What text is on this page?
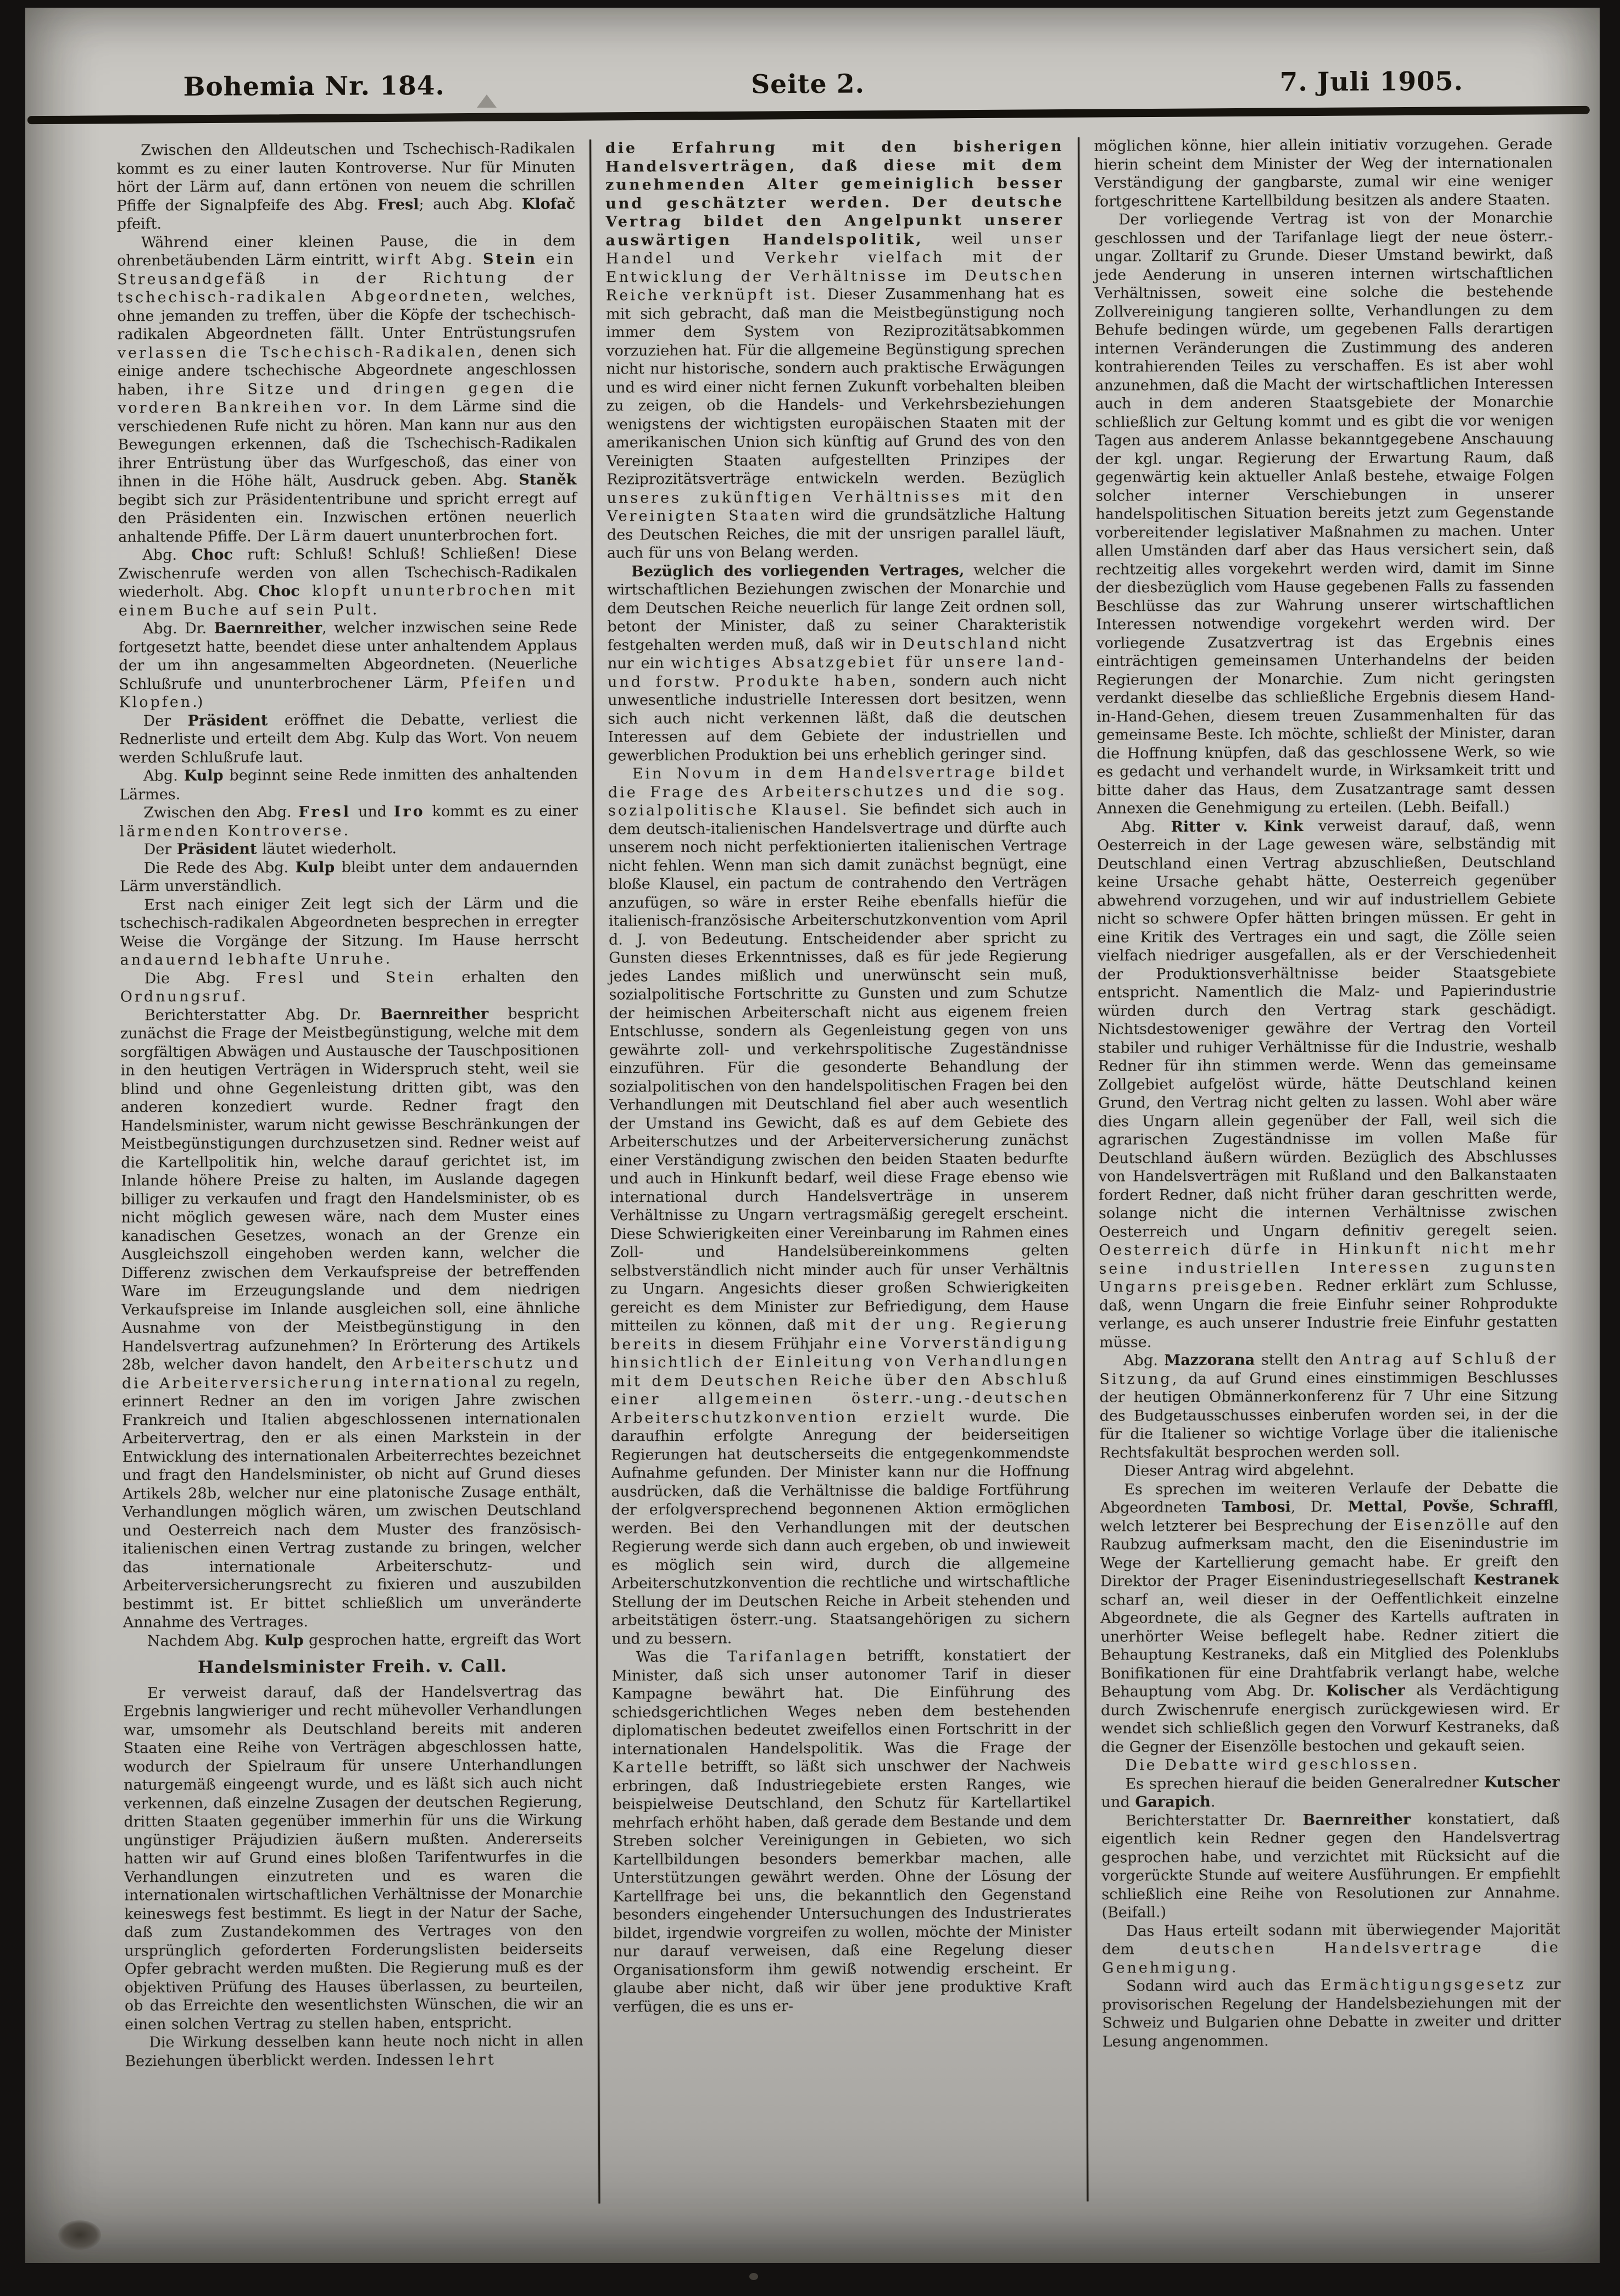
Bohemia Nr. 184.	Seite 2.	7. Juli 1905.

Zwischen den Alldeutschen und Tschechisch-Radikalen kommt es zu einer lauten Kontroverse. Nur für Minuten hört der Lärm auf, dann ertönen von neuem die schrillen Pfiffe der Signalpfeife des Abg. Fresl; auch Abg. Klofač pfeift.

Während einer kleinen Pause, die in dem ohrenbetäubenden Lärm eintritt, wirft Abg. Stein ein Streusandgefäß in der Richtung der tschechisch-radikalen Abgeordneten, welches, ohne jemanden zu treffen, über die Köpfe der tschechisch-radikalen Abgeordneten fällt. Unter Entrüstungsrufen verlassen die Tschechisch-Radikalen, denen sich einige andere tschechische Abgeordnete angeschlossen haben, ihre Sitze und dringen gegen die vorderen Bankreihen vor. In dem Lärme sind die verschiedenen Rufe nicht zu hören. Man kann nur aus den Bewegungen erkennen, daß die Tschechisch-Radikalen ihrer Entrüstung über das Wurfgeschoß, das einer von ihnen in die Höhe hält, Ausdruck geben. Abg. Staněk begibt sich zur Präsidententribune und spricht erregt auf den Präsidenten ein. Inzwischen ertönen neuerlich anhaltende Pfiffe. Der Lärm dauert ununterbrochen fort.

Abg. Choc ruft: Schluß! Schluß! Schließen! Diese Zwischenrufe werden von allen Tschechisch-Radikalen wiederholt. Abg. Choc klopft ununterbrochen mit einem Buche auf sein Pult.

Abg. Dr. Baernreither, welcher inzwischen seine Rede fortgesetzt hatte, beendet diese unter anhaltendem Applaus der um ihn angesammelten Abgeordneten. (Neuerliche Schlußrufe und ununterbrochener Lärm, Pfeifen und Klopfen.)

Der Präsident eröffnet die Debatte, verliest die Rednerliste und erteilt dem Abg. Kulp das Wort. Von neuem werden Schlußrufe laut.

Abg. Kulp beginnt seine Rede inmitten des anhaltenden Lärmes.

Zwischen den Abg. Fresl und Iro kommt es zu einer lärmenden Kontroverse.

Der Präsident läutet wiederholt.

Die Rede des Abg. Kulp bleibt unter dem andauernden Lärm unverständlich.

Erst nach einiger Zeit legt sich der Lärm und die tschechisch-radikalen Abgeordneten besprechen in erregter Weise die Vorgänge der Sitzung. Im Hause herrscht andauernd lebhafte Unruhe.

Die Abg. Fresl und Stein erhalten den Ordnungsruf.

Berichterstatter Abg. Dr. Baernreither bespricht zunächst die Frage der Meistbegünstigung, welche mit dem sorgfältigen Abwägen und Austausche der Tauschpositionen in den heutigen Verträgen in Widerspruch steht, weil sie blind und ohne Gegenleistung dritten gibt, was den anderen konzediert wurde. Redner fragt den Handelsminister, warum nicht gewisse Beschränkungen der Meistbegünstigungen durchzusetzen sind. Redner weist auf die Kartellpolitik hin, welche darauf gerichtet ist, im Inlande höhere Preise zu halten, im Auslande dagegen billiger zu verkaufen und fragt den Handelsminister, ob es nicht möglich gewesen wäre, nach dem Muster eines kanadischen Gesetzes, wonach an der Grenze ein Ausgleichszoll eingehoben werden kann, welcher die Differenz zwischen dem Verkaufspreise der betreffenden Ware im Erzeugungslande und dem niedrigen Verkaufspreise im Inlande ausgleichen soll, eine ähnliche Ausnahme von der Meistbegünstigung in den Handelsvertrag aufzunehmen? In Erörterung des Artikels 28b, welcher davon handelt, den Arbeiterschutz und die Arbeiterversicherung international zu regeln, erinnert Redner an den im vorigen Jahre zwischen Frankreich und Italien abgeschlossenen internationalen Arbeitervertrag, den er als einen Markstein in der Entwicklung des internationalen Arbeiterrechtes bezeichnet und fragt den Handelsminister, ob nicht auf Grund dieses Artikels 28b, welcher nur eine platonische Zusage enthält, Verhandlungen möglich wären, um zwischen Deutschland und Oesterreich nach dem Muster des französisch-italienischen einen Vertrag zustande zu bringen, welcher das internationale Arbeiterschutz- und Arbeiterversicherungsrecht zu fixieren und auszubilden bestimmt ist. Er bittet schließlich um unveränderte Annahme des Vertrages.

Nachdem Abg. Kulp gesprochen hatte, ergreift das Wort

Handelsminister Freih. v. Call.

Er verweist darauf, daß der Handelsvertrag das Ergebnis langwieriger und recht mühevoller Verhandlungen war, umsomehr als Deutschland bereits mit anderen Staaten eine Reihe von Verträgen abgeschlossen hatte, wodurch der Spielraum für unsere Unterhandlungen naturgemäß eingeengt wurde, und es läßt sich auch nicht verkennen, daß einzelne Zusagen der deutschen Regierung, dritten Staaten gegenüber immerhin für uns die Wirkung ungünstiger Präjudizien äußern mußten. Andererseits hatten wir auf Grund eines bloßen Tarifentwurfes in die Verhandlungen einzutreten und es waren die internationalen wirtschaftlichen Verhältnisse der Monarchie keineswegs fest bestimmt. Es liegt in der Natur der Sache, daß zum Zustandekommen des Vertrages von den ursprünglich geforderten Forderungslisten beiderseits Opfer gebracht werden mußten. Die Regierung muß es der objektiven Prüfung des Hauses überlassen, zu beurteilen, ob das Erreichte den wesentlichsten Wünschen, die wir an einen solchen Vertrag zu stellen haben, entspricht.

Die Wirkung desselben kann heute noch nicht in allen Beziehungen überblickt werden. Indessen lehrt

die Erfahrung mit den bisherigen Handelsverträgen, daß diese mit dem zunehmenden Alter gemeiniglich besser und geschätzter werden. Der deutsche Vertrag bildet den Angelpunkt unserer auswärtigen Handelspolitik, weil unser Handel und Verkehr vielfach mit der Entwicklung der Verhältnisse im Deutschen Reiche verknüpft ist. Dieser Zusammenhang hat es mit sich gebracht, daß man die Meistbegünstigung noch immer dem System von Reziprozitätsabkommen vorzuziehen hat. Für die allgemeine Begünstigung sprechen nicht nur historische, sondern auch praktische Erwägungen und es wird einer nicht fernen Zukunft vorbehalten bleiben zu zeigen, ob die Handels- und Verkehrsbeziehungen wenigstens der wichtigsten europäischen Staaten mit der amerikanischen Union sich künftig auf Grund des von den Vereinigten Staaten aufgestellten Prinzipes der Reziprozitätsverträge entwickeln werden. Bezüglich unseres zukünftigen Verhältnisses mit den Vereinigten Staaten wird die grundsätzliche Haltung des Deutschen Reiches, die mit der unsrigen parallel läuft, auch für uns von Belang werden.

Bezüglich des vorliegenden Vertrages, welcher die wirtschaftlichen Beziehungen zwischen der Monarchie und dem Deutschen Reiche neuerlich für lange Zeit ordnen soll, betont der Minister, daß zu seiner Charakteristik festgehalten werden muß, daß wir in Deutschland nicht nur ein wichtiges Absatzgebiet für unsere land- und forstw. Produkte haben, sondern auch nicht unwesentliche industrielle Interessen dort besitzen, wenn sich auch nicht verkennen läßt, daß die deutschen Interessen auf dem Gebiete der industriellen und gewerblichen Produktion bei uns erheblich geringer sind.

Ein Novum in dem Handelsvertrage bildet die Frage des Arbeiterschutzes und die sog. sozialpolitische Klausel. Sie befindet sich auch in dem deutsch-italienischen Handelsvertrage und dürfte auch unserem noch nicht perfektionierten italienischen Vertrage nicht fehlen. Wenn man sich damit zunächst begnügt, eine bloße Klausel, ein pactum de contrahendo den Verträgen anzufügen, so wäre in erster Reihe ebenfalls hiefür die italienisch-französische Arbeiterschutzkonvention vom April d. J. von Bedeutung. Entscheidender aber spricht zu Gunsten dieses Erkenntnisses, daß es für jede Regierung jedes Landes mißlich und unerwünscht sein muß, sozialpolitische Fortschritte zu Gunsten und zum Schutze der heimischen Arbeiterschaft nicht aus eigenem freien Entschlusse, sondern als Gegenleistung gegen von uns gewährte zoll- und verkehrspolitische Zugeständnisse einzuführen. Für die gesonderte Behandlung der sozialpolitischen von den handelspolitischen Fragen bei den Verhandlungen mit Deutschland fiel aber auch wesentlich der Umstand ins Gewicht, daß es auf dem Gebiete des Arbeiterschutzes und der Arbeiterversicherung zunächst einer Verständigung zwischen den beiden Staaten bedurfte und auch in Hinkunft bedarf, weil diese Frage ebenso wie international durch Handelsverträge in unserem Verhältnisse zu Ungarn vertragsmäßig geregelt erscheint. Diese Schwierigkeiten einer Vereinbarung im Rahmen eines Zoll- und Handelsübereinkommens gelten selbstverständlich nicht minder auch für unser Verhältnis zu Ungarn. Angesichts dieser großen Schwierigkeiten gereicht es dem Minister zur Befriedigung, dem Hause mitteilen zu können, daß mit der ung. Regierung bereits in diesem Frühjahr eine Vorverständigung hinsichtlich der Einleitung von Verhandlungen mit dem Deutschen Reiche über den Abschluß einer allgemeinen österr.-ung.-deutschen Arbeiterschutzkonvention erzielt wurde. Die daraufhin erfolgte Anregung der beiderseitigen Regierungen hat deutscherseits die entgegenkommendste Aufnahme gefunden. Der Minister kann nur die Hoffnung ausdrücken, daß die Verhältnisse die baldige Fortführung der erfolgversprechend begonnenen Aktion ermöglichen werden. Bei den Verhandlungen mit der deutschen Regierung werde sich dann auch ergeben, ob und inwieweit es möglich sein wird, durch die allgemeine Arbeiterschutzkonvention die rechtliche und wirtschaftliche Stellung der im Deutschen Reiche in Arbeit stehenden und arbeitstätigen österr.-ung. Staatsangehörigen zu sichern und zu bessern.

Was die Tarifanlagen betrifft, konstatiert der Minister, daß sich unser autonomer Tarif in dieser Kampagne bewährt hat. Die Einführung des schiedsgerichtlichen Weges neben dem bestehenden diplomatischen bedeutet zweifellos einen Fortschritt in der internationalen Handelspolitik. Was die Frage der Kartelle betrifft, so läßt sich unschwer der Nachweis erbringen, daß Industriegebiete ersten Ranges, wie beispielweise Deutschland, den Schutz für Kartellartikel mehrfach erhöht haben, daß gerade dem Bestande und dem Streben solcher Vereinigungen in Gebieten, wo sich Kartellbildungen besonders bemerkbar machen, alle Unterstützungen gewährt werden. Ohne der Lösung der Kartellfrage bei uns, die bekanntlich den Gegenstand besonders eingehender Untersuchungen des Industrierates bildet, irgendwie vorgreifen zu wollen, möchte der Minister nur darauf verweisen, daß eine Regelung dieser Organisationsform ihm gewiß notwendig erscheint. Er glaube aber nicht, daß wir über jene produktive Kraft verfügen, die es uns er-

möglichen könne, hier allein initiativ vorzugehen. Gerade hierin scheint dem Minister der Weg der internationalen Verständigung der gangbarste, zumal wir eine weniger fortgeschrittene Kartellbildung besitzen als andere Staaten.

Der vorliegende Vertrag ist von der Monarchie geschlossen und der Tarifanlage liegt der neue österr.-ungar. Zolltarif zu Grunde. Dieser Umstand bewirkt, daß jede Aenderung in unseren internen wirtschaftlichen Verhältnissen, soweit eine solche die bestehende Zollvereinigung tangieren sollte, Verhandlungen zu dem Behufe bedingen würde, um gegebenen Falls derartigen internen Veränderungen die Zustimmung des anderen kontrahierenden Teiles zu verschaffen. Es ist aber wohl anzunehmen, daß die Macht der wirtschaftlichen Interessen auch in dem anderen Staatsgebiete der Monarchie schließlich zur Geltung kommt und es gibt die vor wenigen Tagen aus anderem Anlasse bekanntgegebene Anschauung der kgl. ungar. Regierung der Erwartung Raum, daß gegenwärtig kein aktueller Anlaß bestehe, etwaige Folgen solcher interner Verschiebungen in unserer handelspolitischen Situation bereits jetzt zum Gegenstande vorbereitender legislativer Maßnahmen zu machen. Unter allen Umständen darf aber das Haus versichert sein, daß rechtzeitig alles vorgekehrt werden wird, damit im Sinne der diesbezüglich vom Hause gegebenen Falls zu fassenden Beschlüsse das zur Wahrung unserer wirtschaftlichen Interessen notwendige vorgekehrt werden wird. Der vorliegende Zusatzvertrag ist das Ergebnis eines einträchtigen gemeinsamen Unterhandelns der beiden Regierungen der Monarchie. Zum nicht geringsten verdankt dieselbe das schließliche Ergebnis diesem Hand-in-Hand-Gehen, diesem treuen Zusammenhalten für das gemeinsame Beste. Ich möchte, schließt der Minister, daran die Hoffnung knüpfen, daß das geschlossene Werk, so wie es gedacht und verhandelt wurde, in Wirksamkeit tritt und bitte daher das Haus, dem Zusatzantrage samt dessen Annexen die Genehmigung zu erteilen. (Lebh. Beifall.)

Abg. Ritter v. Kink verweist darauf, daß, wenn Oesterreich in der Lage gewesen wäre, selbständig mit Deutschland einen Vertrag abzuschließen, Deutschland keine Ursache gehabt hätte, Oesterreich gegenüber abwehrend vorzugehen, und wir auf industriellem Gebiete nicht so schwere Opfer hätten bringen müssen. Er geht in eine Kritik des Vertrages ein und sagt, die Zölle seien vielfach niedriger ausgefallen, als er der Verschiedenheit der Produktionsverhältnisse beider Staatsgebiete entspricht. Namentlich die Malz- und Papierindustrie würden durch den Vertrag stark geschädigt. Nichtsdestoweniger gewähre der Vertrag den Vorteil stabiler und ruhiger Verhältnisse für die Industrie, weshalb Redner für ihn stimmen werde. Wenn das gemeinsame Zollgebiet aufgelöst würde, hätte Deutschland keinen Grund, den Vertrag nicht gelten zu lassen. Wohl aber wäre dies Ungarn allein gegenüber der Fall, weil sich die agrarischen Zugeständnisse im vollen Maße für Deutschland äußern würden. Bezüglich des Abschlusses von Handelsverträgen mit Rußland und den Balkanstaaten fordert Redner, daß nicht früher daran geschritten werde, solange nicht die internen Verhältnisse zwischen Oesterreich und Ungarn definitiv geregelt seien. Oesterreich dürfe in Hinkunft nicht mehr seine industriellen Interessen zugunsten Ungarns preisgeben. Redner erklärt zum Schlusse, daß, wenn Ungarn die freie Einfuhr seiner Rohprodukte verlange, es auch unserer Industrie freie Einfuhr gestatten müsse.

Abg. Mazzorana stellt den Antrag auf Schluß der Sitzung, da auf Grund eines einstimmigen Beschlusses der heutigen Obmännerkonferenz für 7 Uhr eine Sitzung des Budgetausschusses einberufen worden sei, in der die für die Italiener so wichtige Vorlage über die italienische Rechtsfakultät besprochen werden soll.

Dieser Antrag wird abgelehnt.

Es sprechen im weiteren Verlaufe der Debatte die Abgeordneten Tambosi, Dr. Mettal, Povše, Schraffl, welch letzterer bei Besprechung der Eisenzölle auf den Raubzug aufmerksam macht, den die Eisenindustrie im Wege der Kartellierung gemacht habe. Er greift den Direktor der Prager Eisenindustriegesellschaft Kestranek scharf an, weil dieser in der Oeffentlichkeit einzelne Abgeordnete, die als Gegner des Kartells auftraten in unerhörter Weise beflegelt habe. Redner zitiert die Behauptung Kestraneks, daß ein Mitglied des Polenklubs Bonifikationen für eine Drahtfabrik verlangt habe, welche Behauptung vom Abg. Dr. Kolischer als Verdächtigung durch Zwischenrufe energisch zurückgewiesen wird. Er wendet sich schließlich gegen den Vorwurf Kestraneks, daß die Gegner der Eisenzölle bestochen und gekauft seien.

Die Debatte wird geschlossen.

Es sprechen hierauf die beiden Generalredner Kutscher und Garapich.

Berichterstatter Dr. Baernreither konstatiert, daß eigentlich kein Redner gegen den Handelsvertrag gesprochen habe, und verzichtet mit Rücksicht auf die vorgerückte Stunde auf weitere Ausführungen. Er empfiehlt schließlich eine Reihe von Resolutionen zur Annahme. (Beifall.)

Das Haus erteilt sodann mit überwiegender Majorität dem deutschen Handelsvertrage die Genehmigung.

Sodann wird auch das Ermächtigungsgesetz zur provisorischen Regelung der Handelsbeziehungen mit der Schweiz und Bulgarien ohne Debatte in zweiter und dritter Lesung angenommen.
